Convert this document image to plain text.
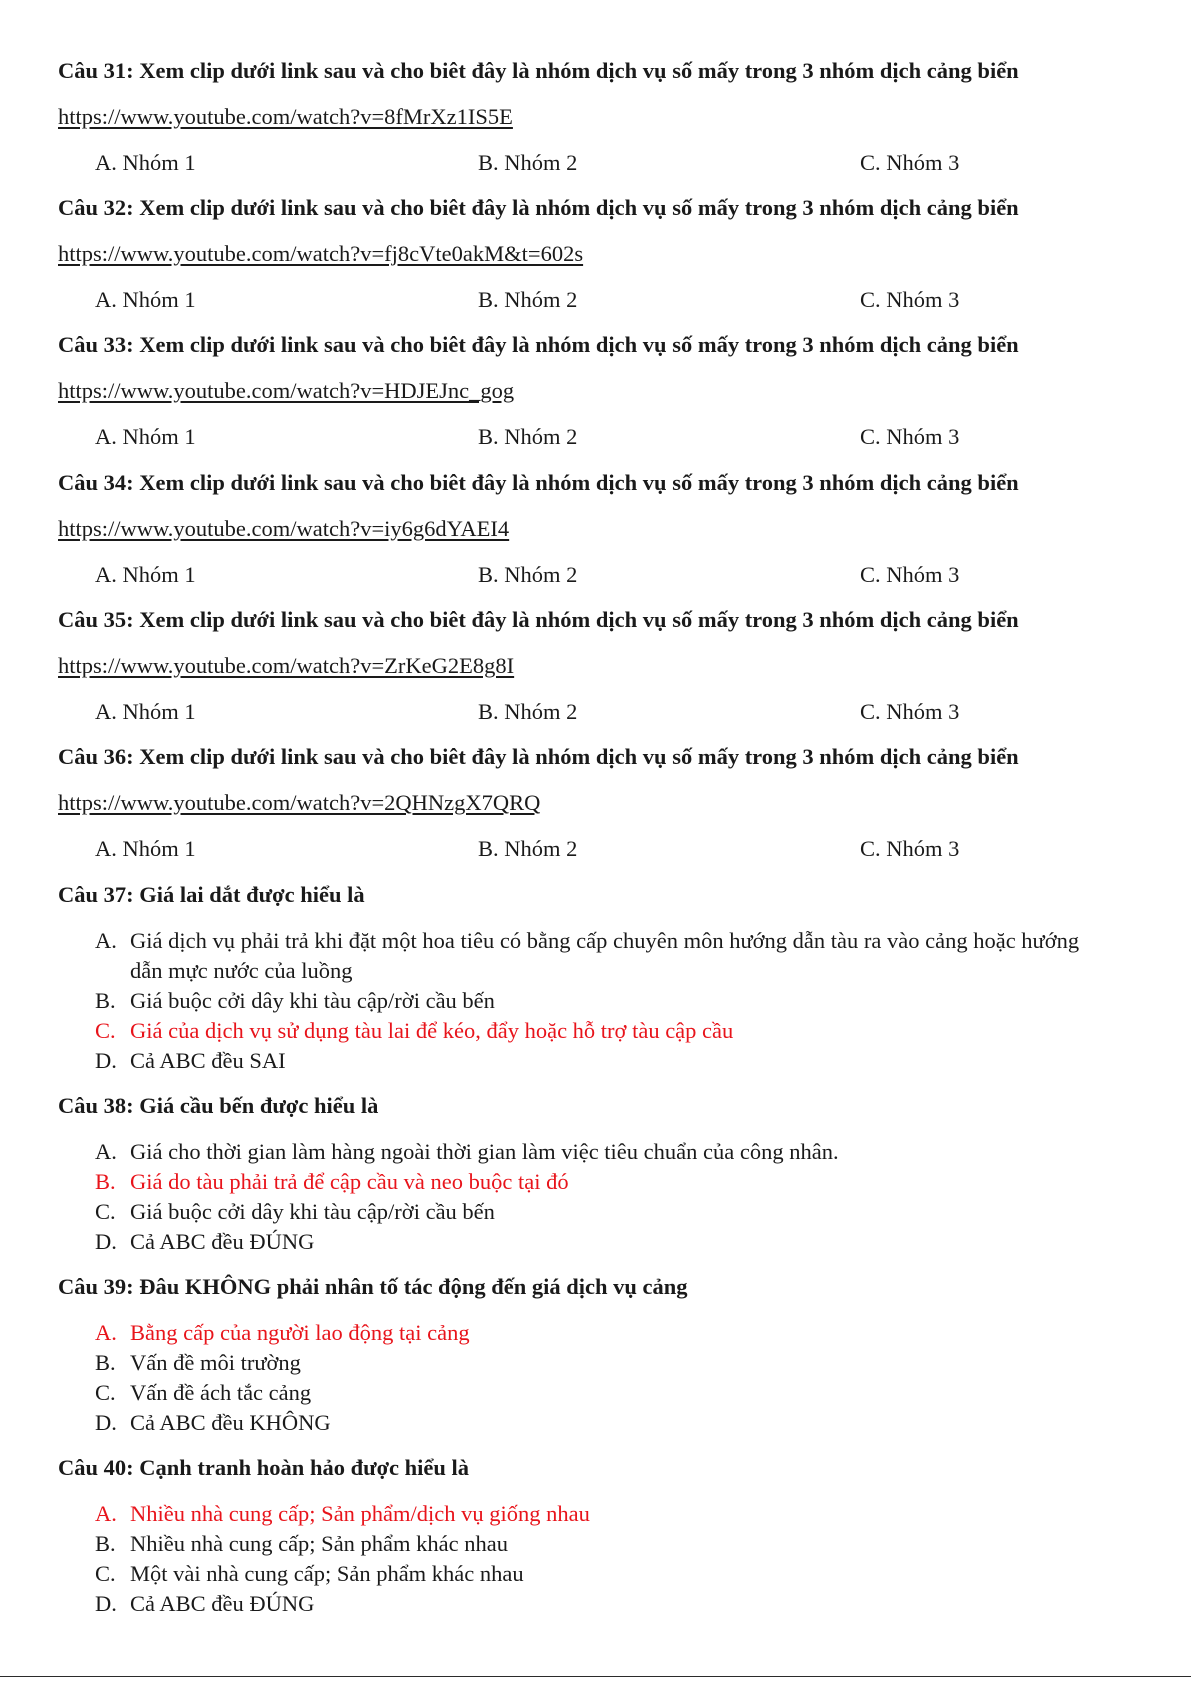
Câu 31: Xem clip dưới link sau và cho biêt đây là nhóm dịch vụ số mấy trong 3 nhóm dịch cảng biển
https://www.youtube.com/watch?v=8fMrXz1IS5E
A. Nhóm 1	B. Nhóm 2	C. Nhóm 3
Câu 32: Xem clip dưới link sau và cho biêt đây là nhóm dịch vụ số mấy trong 3 nhóm dịch cảng biển
https://www.youtube.com/watch?v=fj8cVte0akM&t=602s
A. Nhóm 1	B. Nhóm 2	C. Nhóm 3
Câu 33: Xem clip dưới link sau và cho biêt đây là nhóm dịch vụ số mấy trong 3 nhóm dịch cảng biển
https://www.youtube.com/watch?v=HDJEJnc_gog
A. Nhóm 1	B. Nhóm 2	C. Nhóm 3
Câu 34: Xem clip dưới link sau và cho biêt đây là nhóm dịch vụ số mấy trong 3 nhóm dịch cảng biển
https://www.youtube.com/watch?v=iy6g6dYAEI4
A. Nhóm 1	B. Nhóm 2	C. Nhóm 3
Câu 35: Xem clip dưới link sau và cho biêt đây là nhóm dịch vụ số mấy trong 3 nhóm dịch cảng biển
https://www.youtube.com/watch?v=ZrKeG2E8g8I
A. Nhóm 1	B. Nhóm 2	C. Nhóm 3
Câu 36: Xem clip dưới link sau và cho biêt đây là nhóm dịch vụ số mấy trong 3 nhóm dịch cảng biển
https://www.youtube.com/watch?v=2QHNzgX7QRQ
A. Nhóm 1	B. Nhóm 2	C. Nhóm 3
Câu 37: Giá lai dắt được hiểu là
A. Giá dịch vụ phải trả khi đặt một hoa tiêu có bằng cấp chuyên môn hướng dẫn tàu ra vào cảng hoặc hướng dẫn mực nước của luồng
B. Giá buộc cởi dây khi tàu cập/rời cầu bến
C. Giá của dịch vụ sử dụng tàu lai để kéo, đẩy hoặc hỗ trợ tàu cập cầu
D. Cả ABC đều SAI
Câu 38: Giá cầu bến được hiểu là
A. Giá cho thời gian làm hàng ngoài thời gian làm việc tiêu chuẩn của công nhân.
B. Giá do tàu phải trả để cập cầu và neo buộc tại đó
C. Giá buộc cởi dây khi tàu cập/rời cầu bến
D. Cả ABC đều ĐÚNG
Câu 39: Đâu KHÔNG phải nhân tố tác động đến giá dịch vụ cảng
A. Bằng cấp của người lao động tại cảng
B. Vấn đề môi trường
C. Vấn đề ách tắc cảng
D. Cả ABC đều KHÔNG
Câu 40: Cạnh tranh hoàn hảo được hiểu là
A. Nhiều nhà cung cấp; Sản phẩm/dịch vụ giống nhau
B. Nhiều nhà cung cấp; Sản phẩm khác nhau
C. Một vài nhà cung cấp; Sản phẩm khác nhau
D. Cả ABC đều ĐÚNG
